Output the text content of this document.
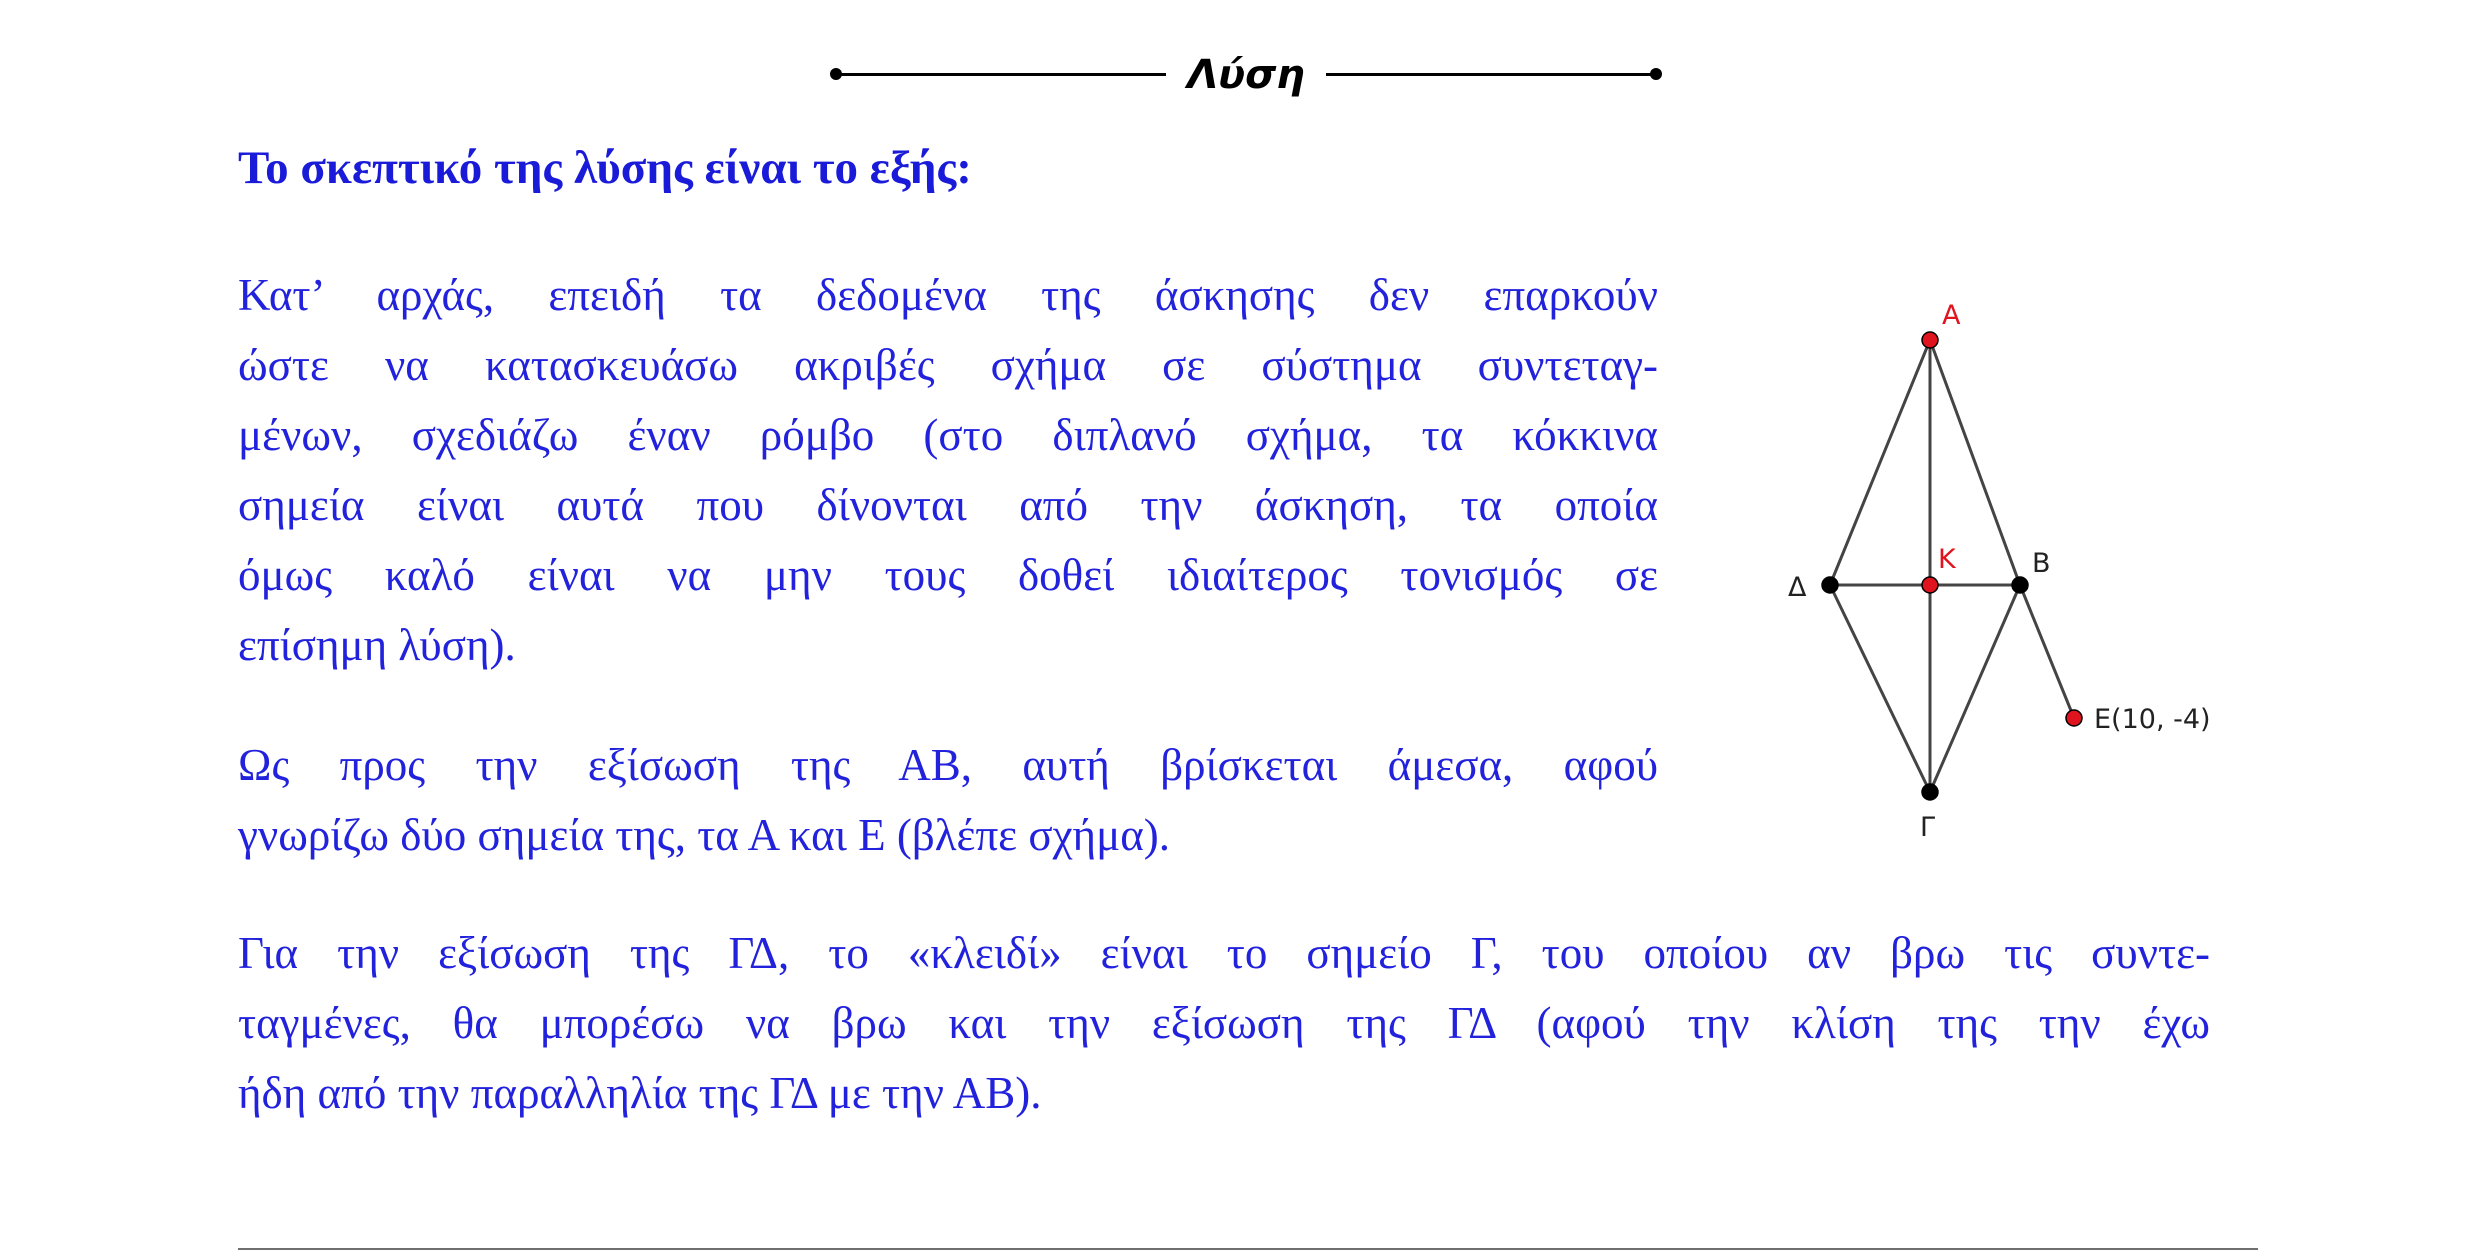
Λύση
Το σκεπτικό της λύσης είναι το εξής:
Κατ’ αρχάς, επειδή τα δεδομένα της άσκησης δεν επαρκούν
ώστε να κατασκευάσω ακριβές σχήμα σε σύστημα συντεταγ-
μένων, σχεδιάζω έναν ρόμβο (στο διπλανό σχήμα, τα κόκκινα
σημεία είναι αυτά που δίνονται από την άσκηση, τα οποία
όμως καλό είναι να μην τους δοθεί ιδιαίτερος τονισμός σε
επίσημη λύση).
Ως προς την εξίσωση της ΑΒ, αυτή βρίσκεται άμεσα, αφού
γνωρίζω δύο σημεία της, τα Α και Ε (βλέπε σχήμα).
Για την εξίσωση της ΓΔ, το «κλειδί» είναι το σημείο Γ, του οποίου αν βρω τις συντε-
ταγμένες, θα μπορέσω να βρω και την εξίσωση της ΓΔ (αφού την κλίση της την έχω
ήδη από την παραλληλία της ΓΔ με την ΑΒ).
A
K	B
Δ
Γ
E(10, -4)
